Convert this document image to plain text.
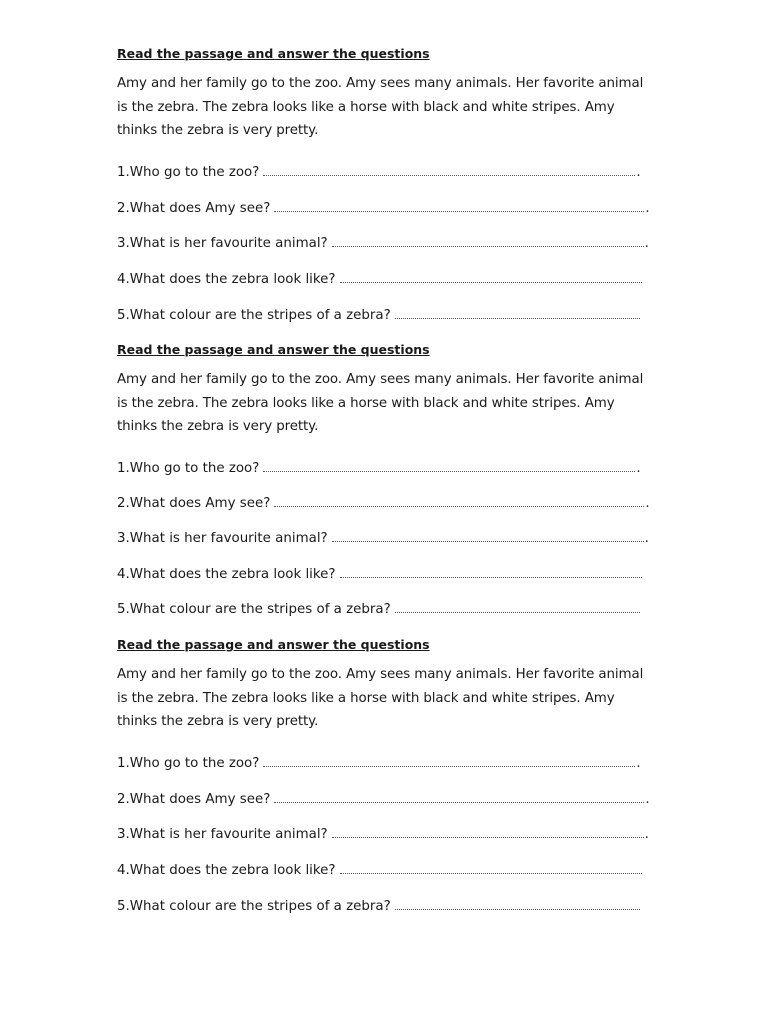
Read the passage and answer the questions
Amy and her family go to the zoo. Amy sees many animals. Her favorite animal is the zebra. The zebra looks like a horse with black and white stripes. Amy thinks the zebra is very pretty.
1.Who go to the zoo?	.
2.What does Amy see?	.
3.What is her favourite animal?	.
4.What does the zebra look like?
5.What colour are the stripes of a zebra?
Read the passage and answer the questions
Amy and her family go to the zoo. Amy sees many animals. Her favorite animal is the zebra. The zebra looks like a horse with black and white stripes. Amy thinks the zebra is very pretty.
1.Who go to the zoo?	.
2.What does Amy see?	.
3.What is her favourite animal?	.
4.What does the zebra look like?
5.What colour are the stripes of a zebra?
Read the passage and answer the questions
Amy and her family go to the zoo. Amy sees many animals. Her favorite animal is the zebra. The zebra looks like a horse with black and white stripes. Amy thinks the zebra is very pretty.
1.Who go to the zoo?	.
2.What does Amy see?	.
3.What is her favourite animal?	.
4.What does the zebra look like?
5.What colour are the stripes of a zebra?
